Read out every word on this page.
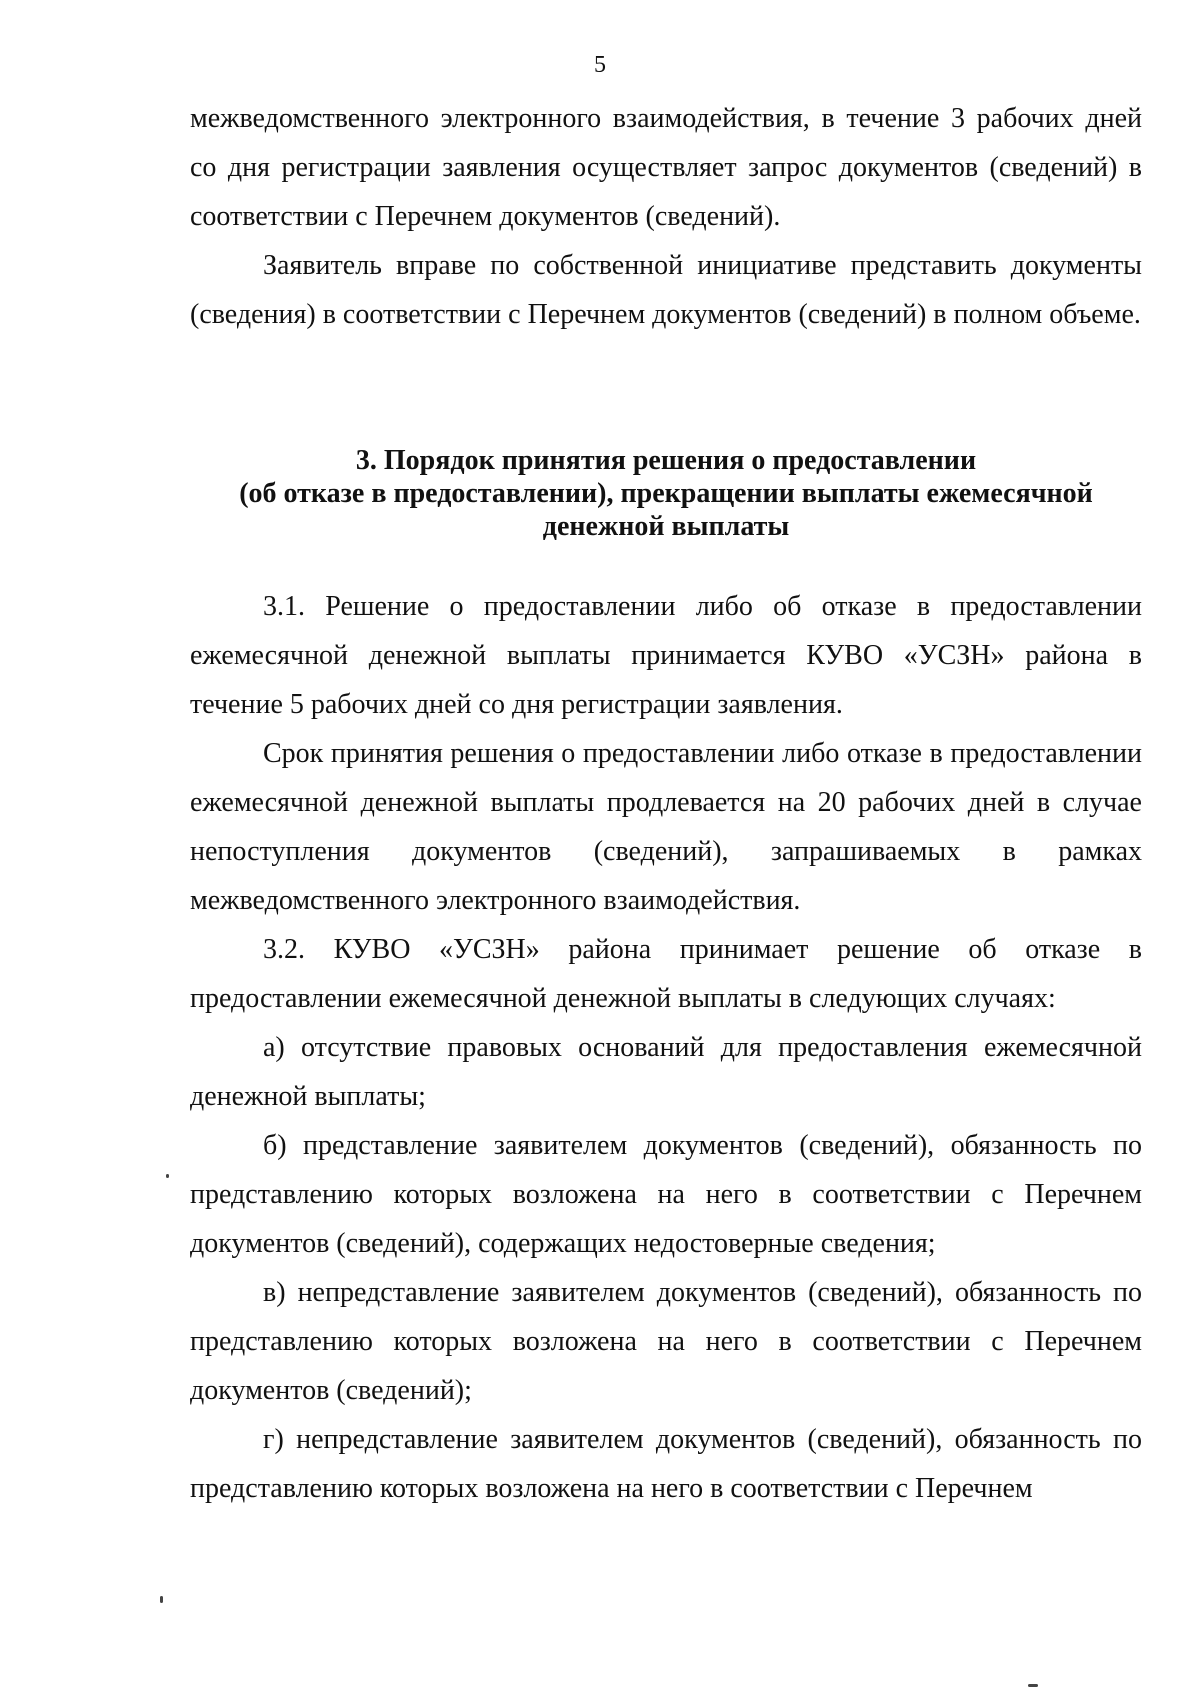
5

межведомственного электронного взаимодействия, в течение 3 рабочих дней со дня регистрации заявления осуществляет запрос документов (сведений) в соответствии с Перечнем документов (сведений).

Заявитель вправе по собственной инициативе представить документы (сведения) в соответствии с Перечнем документов (сведений) в полном объеме.

3. Порядок принятия решения о предоставлении
(об отказе в предоставлении), прекращении выплаты ежемесячной
денежной выплаты

3.1. Решение о предоставлении либо об отказе в предоставлении ежемесячной денежной выплаты принимается КУВО «УСЗН» района в течение 5 рабочих дней со дня регистрации заявления.

Срок принятия решения о предоставлении либо отказе в предоставлении ежемесячной денежной выплаты продлевается на 20 рабочих дней в случае непоступления документов (сведений), запрашиваемых в рамках межведомственного электронного взаимодействия.

3.2. КУВО «УСЗН» района принимает решение об отказе в предоставлении ежемесячной денежной выплаты в следующих случаях:

а) отсутствие правовых оснований для предоставления ежемесячной денежной выплаты;

б) представление заявителем документов (сведений), обязанность по представлению которых возложена на него в соответствии с Перечнем документов (сведений), содержащих недостоверные сведения;

в) непредставление заявителем документов (сведений), обязанность по представлению которых возложена на него в соответствии с Перечнем документов (сведений);

г) непредставление заявителем документов (сведений), обязанность по представлению которых возложена на него в соответствии с Перечнем
